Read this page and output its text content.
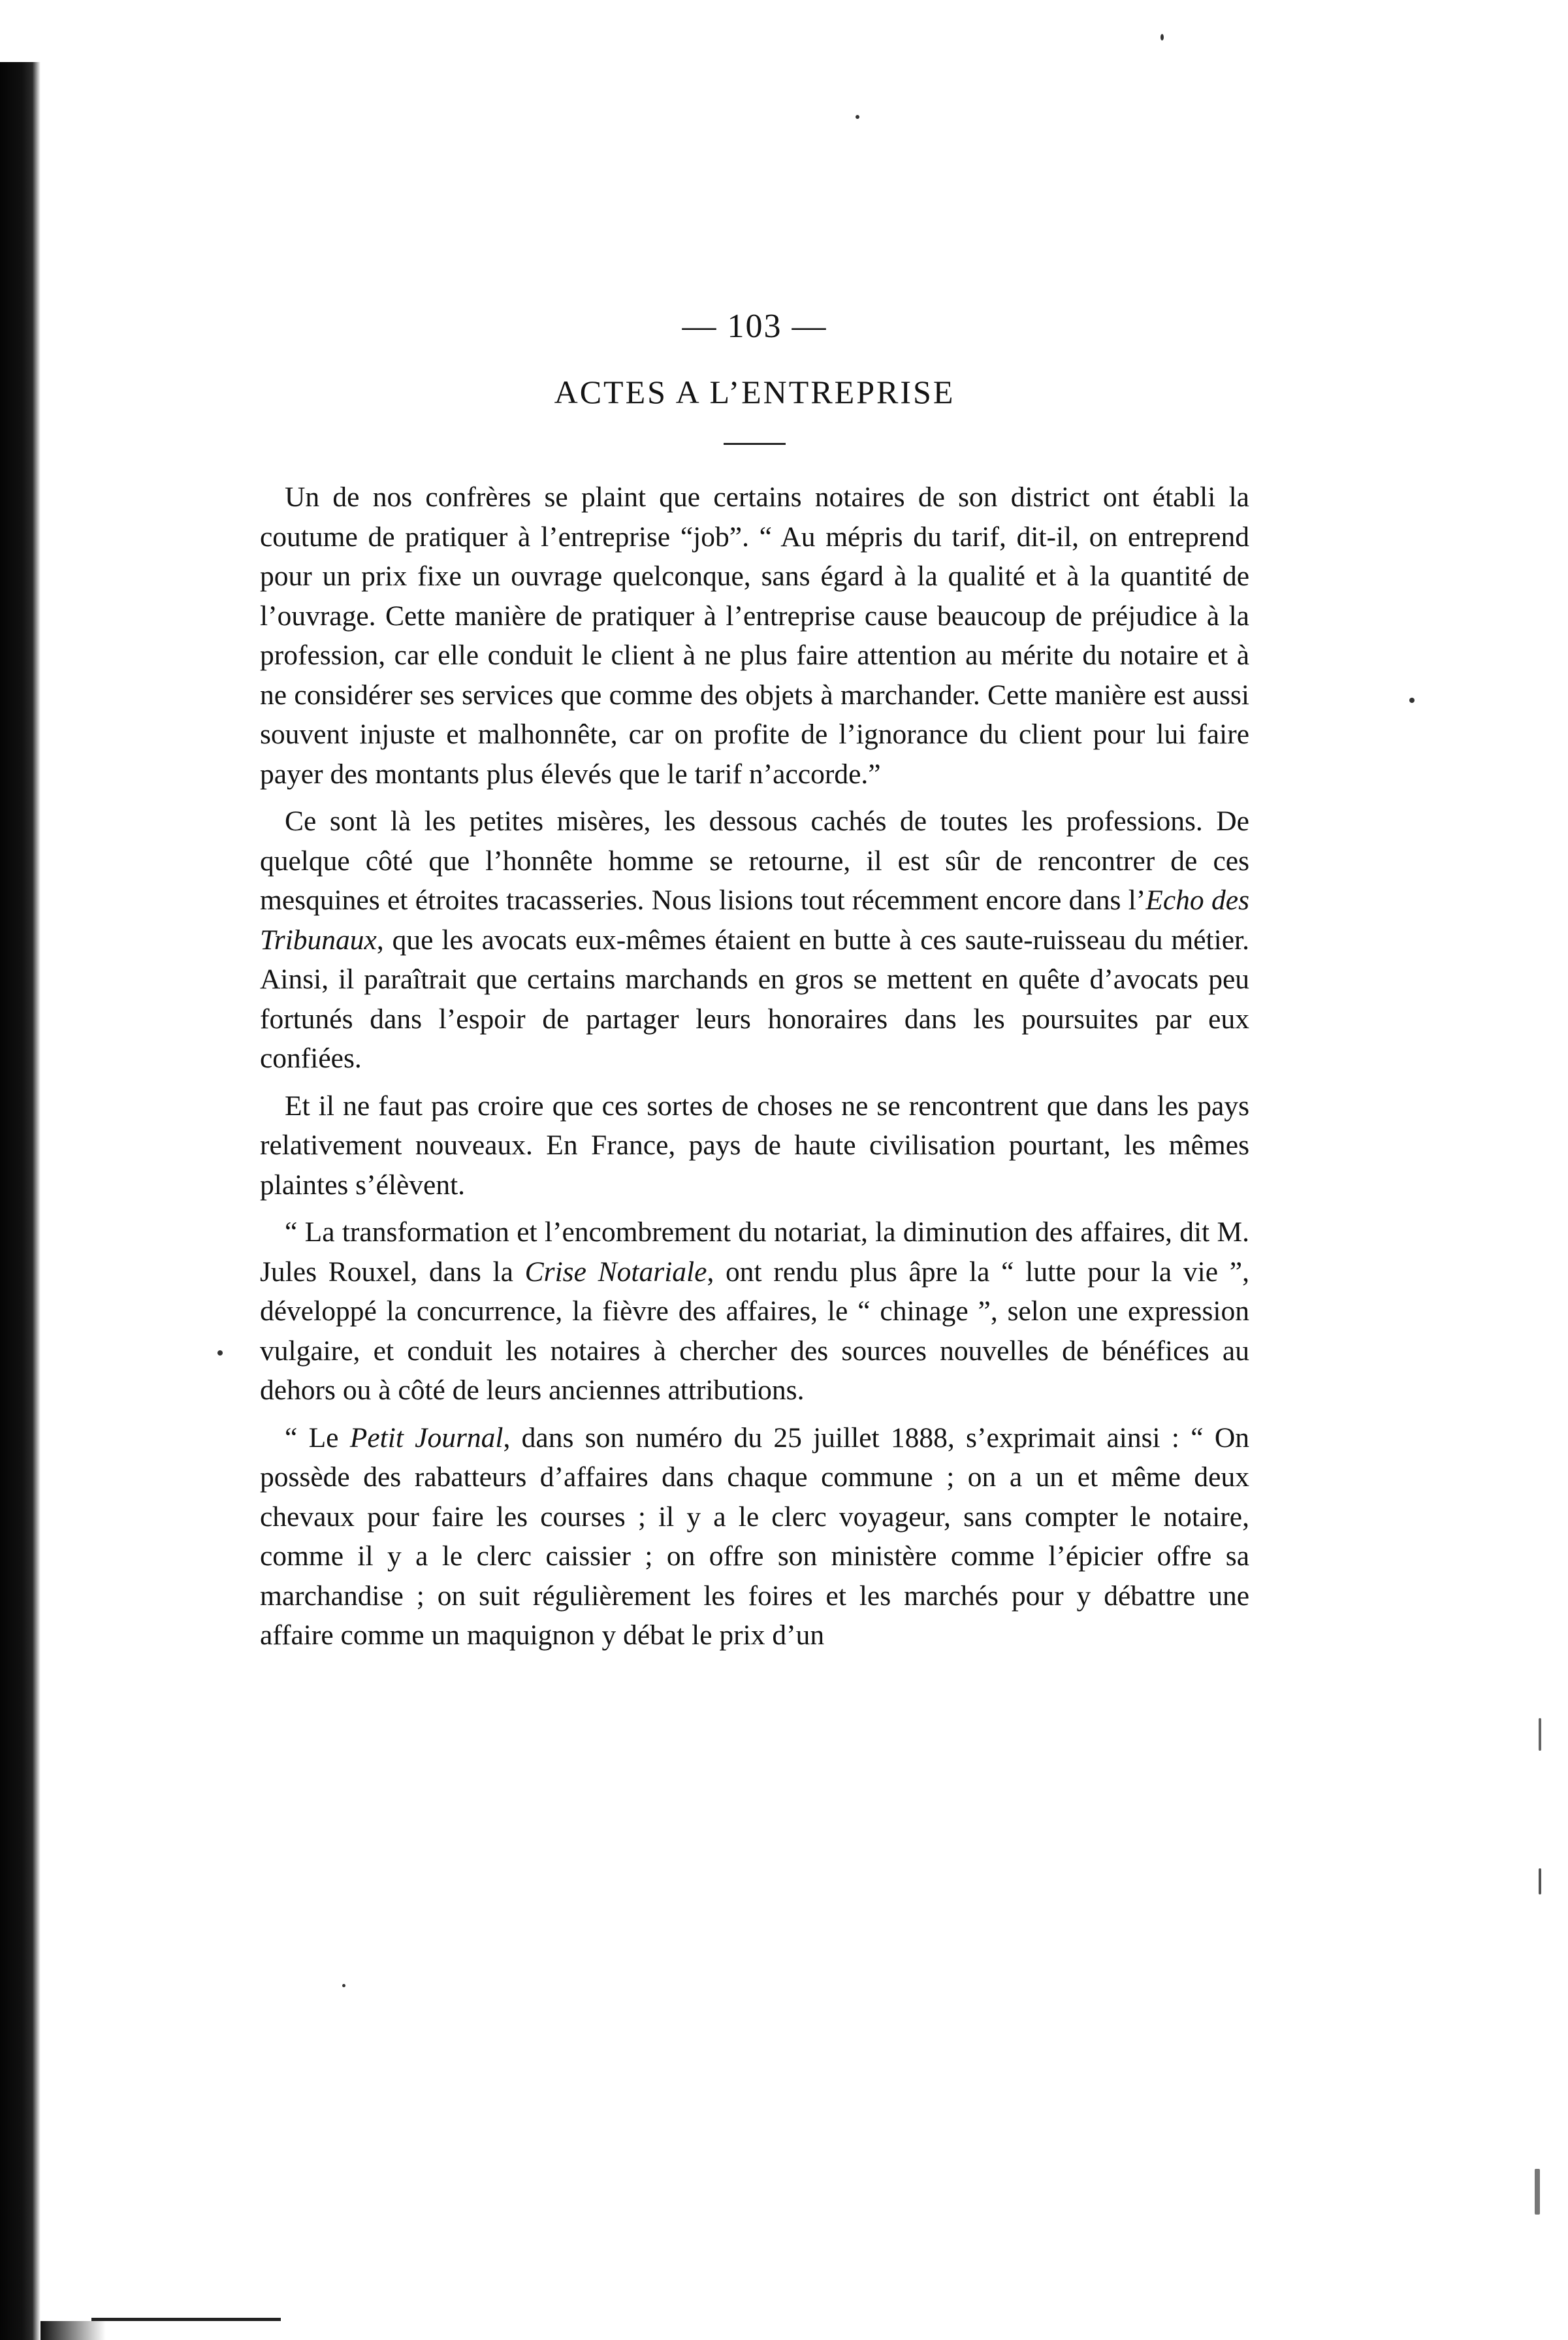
— 103 —

ACTES A L’ENTREPRISE

Un de nos confrères se plaint que certains notaires de son district ont établi la coutume de pratiquer à l’entreprise “job”. “ Au mépris du tarif, dit-il, on entreprend pour un prix fixe un ouvrage quelconque, sans égard à la qualité et à la quantité de l’ouvrage. Cette manière de pratiquer à l’entreprise cause beaucoup de préjudice à la profession, car elle conduit le client à ne plus faire attention au mérite du notaire et à ne considérer ses services que comme des objets à marchander. Cette manière est aussi souvent injuste et malhonnête, car on profite de l’ignorance du client pour lui faire payer des montants plus élevés que le tarif n’accorde.”

Ce sont là les petites misères, les dessous cachés de toutes les professions. De quelque côté que l’honnête homme se retourne, il est sûr de rencontrer de ces mesquines et étroites tracasseries. Nous lisions tout récemment encore dans l’Echo des Tribunaux, que les avocats eux-mêmes étaient en butte à ces saute-ruisseau du métier. Ainsi, il paraîtrait que certains marchands en gros se mettent en quête d’avocats peu fortunés dans l’espoir de partager leurs honoraires dans les poursuites par eux confiées.

Et il ne faut pas croire que ces sortes de choses ne se rencontrent que dans les pays relativement nouveaux. En France, pays de haute civilisation pourtant, les mêmes plaintes s’élèvent.

“ La transformation et l’encombrement du notariat, la diminution des affaires, dit M. Jules Rouxel, dans la Crise Notariale, ont rendu plus âpre la “ lutte pour la vie ”, développé la concurrence, la fièvre des affaires, le “ chinage ”, selon une expression vulgaire, et conduit les notaires à chercher des sources nouvelles de bénéfices au dehors ou à côté de leurs anciennes attributions.

“ Le Petit Journal, dans son numéro du 25 juillet 1888, s’exprimait ainsi : “ On possède des rabatteurs d’affaires dans chaque commune ; on a un et même deux chevaux pour faire les courses ; il y a le clerc voyageur, sans compter le notaire, comme il y a le clerc caissier ; on offre son ministère comme l’épicier offre sa marchandise ; on suit régulièrement les foires et les marchés pour y débattre une affaire comme un maquignon y débat le prix d’un
